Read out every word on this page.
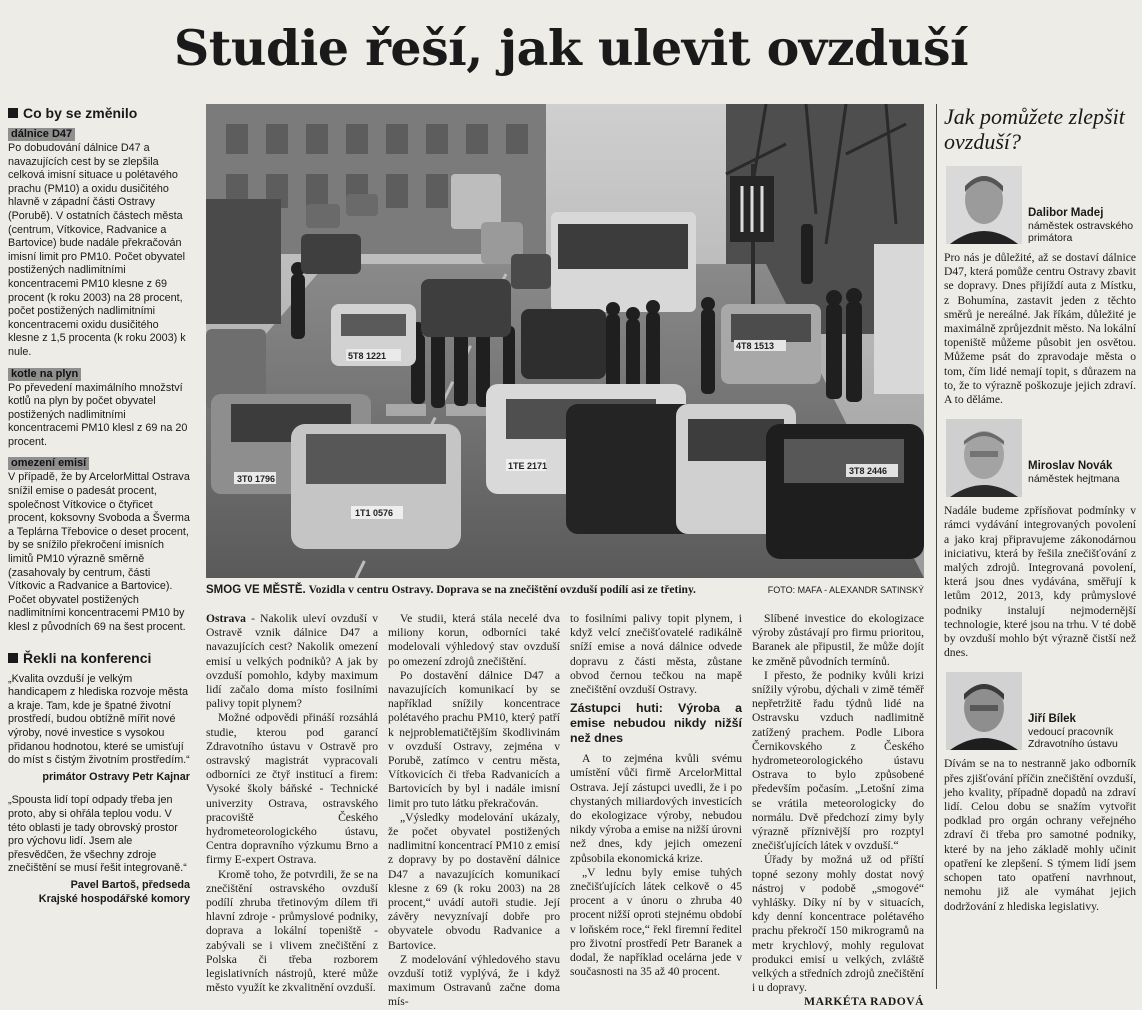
Studie řeší, jak ulevit ovzduší
Co by se změnilo
dálnice D47

Po dobudování dálnice D47 a navazujících cest by se zlepšila celková imisní situace u polétavého prachu (PM10) a oxidu dusičitého hlavně v západní části Ostravy (Porubě). V ostatních částech města (centrum, Vítkovice, Radvanice a Bartovice) bude nadále překračován imisní limit pro PM10. Počet obyvatel postižených nadlimitními koncentracemi PM10 klesne z 69 procent (k roku 2003) na 28 procent, počet postižených nadlimitními koncentracemi oxidu dusičitého klesne z 1,5 procenta (k roku 2003) k nule.

kotle na plyn

Po převedení maximálního množství kotlů na plyn by počet obyvatel postižených nadlimitními koncentracemi PM10 klesl z 69 na 20 procent.

omezení emisí

V případě, že by ArcelorMittal Ostrava snížil emise o padesát procent, společnost Vítkovice o čtyřicet procent, koksovny Svoboda a Šverma a Teplárna Třebovice o deset procent, by se snížilo překročení imisních limitů PM10 výrazně směrně (zasahovaly by centrum, části Vítkovic a Radvanice a Bartovice). Počet obyvatel postižených nadlimitními koncentracemi PM10 by klesl z původních 69 na šest procent.

Řekli na konferenci

„Kvalita ovzduší je velkým handicapem z hlediska rozvoje města a kraje. Tam, kde je špatné životní prostředí, budou obtížně mířit nové výroby, nové investice s vysokou přidanou hodnotou, které se umisťují do míst s čistým životním prostředím.“

primátor Ostravy Petr Kajnar

„Spousta lidí topí odpady třeba jen proto, aby si ohřála teplou vodu. V této oblasti je tady obrovský prostor pro výchovu lidí. Jsem ale přesvědčen, že všechny zdroje znečištění se musí řešit integrovaně.“

Pavel Bartoš, předseda
Krajské hospodářské komory
3T0 1796
1T1 0576
1TE 2171
5T8 1221
4T8 1513
3T8 2446
SMOG VE MĚSTĚ. Vozidla v centru Ostravy. Doprava se na znečištění ovzduší podílí asi ze třetiny.	FOTO: MAFA - ALEXANDR SATINSKÝ

Ostrava - Nakolik uleví ovzduší v Ostravě vznik dálnice D47 a navazujících cest? Nakolik omezení emisí u velkých podniků? A jak by ovzduší pomohlo, kdyby maximum lidí začalo doma místo fosilními palivy topit plynem?

Možné odpovědi přináší rozsáhlá studie, kterou pod garancí Zdravotního ústavu v Ostravě pro ostravský magistrát vypracovali odborníci ze čtyř institucí a firem: Vysoké školy báňské - Technické univerzity Ostrava, ostravského pracoviště Českého hydrometeorologického ústavu, Centra dopravního výzkumu Brno a firmy E-expert Ostrava.

Kromě toho, že potvrdili, že se na znečištění ostravského ovzduší podílí zhruba třetinovým dílem tři hlavní zdroje - průmyslové podniky, doprava a lokální topeniště - zabývali se i vlivem znečištění z Polska či třeba rozborem legislativních nástrojů, které může město využít ke zkvalitnění ovzduší.

Ve studii, která stála necelé dva miliony korun, odborníci také modelovali výhledový stav ovzduší po omezení zdrojů znečištění.

Po dostavění dálnice D47 a navazujících komunikací by se například snížily koncentrace polétavého prachu PM10, který patří k nejproblematičtějším škodlivinám v ovzduší Ostravy, zejména v Porubě, zatímco v centru města, Vítkovicích či třeba Radvanicích a Bartovicích by byl i nadále imisní limit pro tuto látku překračován.

„Výsledky modelování ukázaly, že počet obyvatel postižených nadlimitní koncentrací PM10 z emisí z dopravy by po dostavění dálnice D47 a navazujících komunikací klesne z 69 (k roku 2003) na 28 procent,“ uvádí autoři studie. Její závěry nevyznívají dobře pro obyvatele obvodu Radvanice a Bartovice.

Z modelování výhledového stavu ovzduší totiž vyplývá, že i když maximum Ostravanů začne doma mís-

to fosilními palivy topit plynem, i když velcí znečišťovatelé radikálně sníží emise a nová dálnice odvede dopravu z části města, zůstane obvod černou tečkou na mapě znečištění ovzduší Ostravy.

Zástupci huti: Výroba a emise nebudou nikdy nižší než dnes

A to zejména kvůli svému umístění vůči firmě ArcelorMittal Ostrava. Její zástupci uvedli, že i po chystaných miliardových investicích do ekologizace výroby, nebudou nikdy výroba a emise na nižší úrovni než dnes, kdy jejich omezení způsobila ekonomická krize.

„V lednu byly emise tuhých znečišťujících látek celkově o 45 procent a v únoru o zhruba 40 procent nižší oproti stejnému období v loňském roce,“ řekl firemní ředitel pro životní prostředí Petr Baranek a dodal, že například ocelárna jede v současnosti na 35 až 40 procent.

Slíbené investice do ekologizace výroby zůstávají pro firmu prioritou, Baranek ale připustil, že může dojít ke změně původních termínů.

I přesto, že podniky kvůli krizi snížily výrobu, dýchali v zimě téměř nepřetržitě řadu týdnů lidé na Ostravsku vzduch nadlimitně zatížený prachem. Podle Libora Černikovského z Českého hydrometeorologického ústavu Ostrava to bylo způsobené především počasím. „Letošní zima se vrátila meteorologicky do normálu. Dvě předchozí zimy byly výrazně příznivější pro rozptyl znečišťujících látek v ovzduší.“

Úřady by možná už od příští topné sezony mohly dostat nový nástroj v podobě „smogové“ vyhlášky. Díky ní by v situacích, kdy denní koncentrace polétavého prachu překročí 150 mikrogramů na metr krychlový, mohly regulovat produkci emisí u velkých, zvláště velkých a středních zdrojů znečištění i u dopravy.

MARKÉTA RADOVÁ
Jak pomůžete zlepšit ovzduší?
Dalibor Madej
náměstek ostravského primátora

Pro nás je důležité, až se dostaví dálnice D47, která pomůže centru Ostravy zbavit se dopravy. Dnes přijíždí auta z Místku, z Bohumína, zastavit jeden z těchto směrů je nereálné. Jak říkám, důležité je maximálně zprůjezdnit město. Na lokální topeniště můžeme působit jen osvětou. Můžeme psát do zpravodaje města o tom, čím lidé nemají topit, s důrazem na to, že to výrazně poškozuje jejich zdraví. A to děláme.

Miroslav Novák
náměstek hejtmana

Nadále budeme zpřísňovat podmínky v rámci vydávání integrovaných povolení a jako kraj připravujeme zákonodárnou iniciativu, která by řešila znečišťování z malých zdrojů. Integrovaná povolení, která jsou dnes vydávána, směřují k letům 2012, 2013, kdy průmyslové podniky instalují nejmodernější technologie, které jsou na trhu. V té době by ovzduší mohlo být výrazně čistší než dnes.

Jiří Bílek
vedoucí pracovník Zdravotního ústavu

Dívám se na to nestranně jako odborník přes zjišťování příčin znečištění ovzduší, jeho kvality, případně dopadů na zdraví lidí. Celou dobu se snažím vytvořit podklad pro orgán ochrany veřejného zdraví či třeba pro samotné podniky, které by na jeho základě mohly učinit opatření ke zlepšení. S týmem lidí jsem schopen tato opatření navrhnout, nemohu již ale vymáhat jejich dodržování z hlediska legislativy.
